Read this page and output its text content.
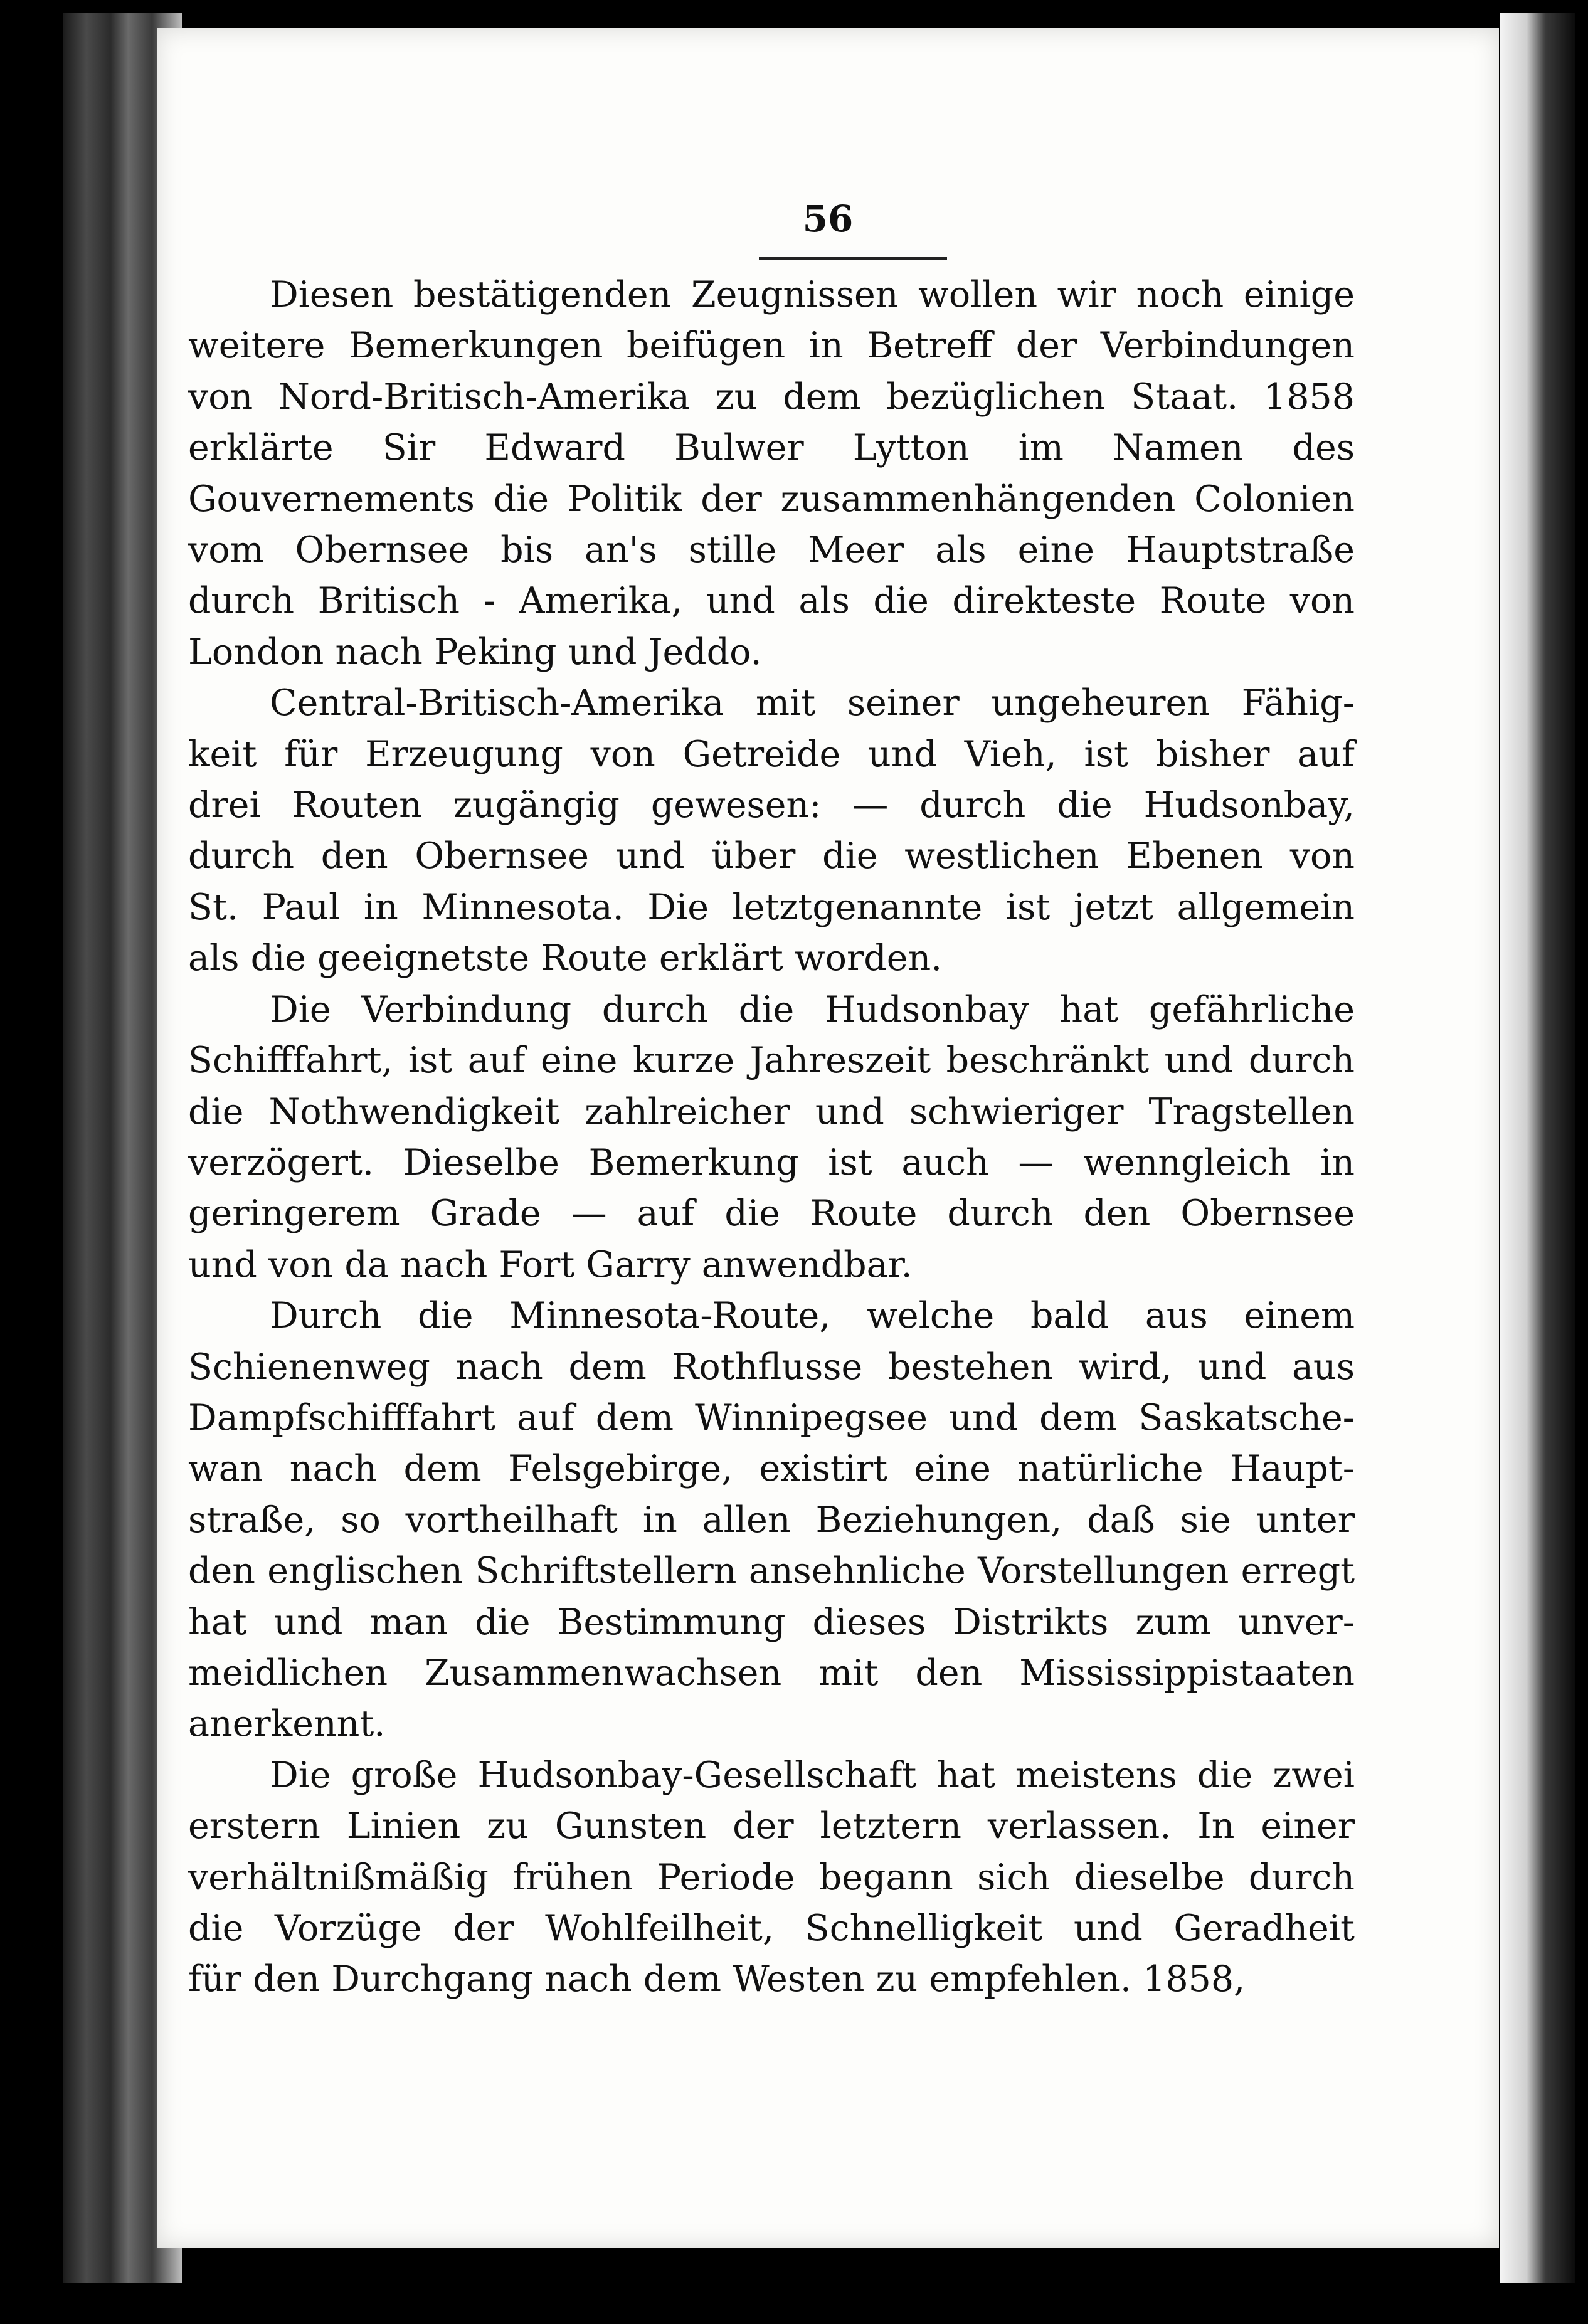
56
Diesen bestätigenden Zeugnissen wollen wir noch einige
weitere Bemerkungen beifügen in Betreff der Verbindungen
von Nord-Britisch-Amerika zu dem bezüglichen Staat. 1858
erklärte Sir Edward Bulwer Lytton im Namen des
Gouvernements die Politik der zusammenhängenden Colonien
vom Obernsee bis an's stille Meer als eine Hauptstraße
durch Britisch - Amerika, und als die direkteste Route von
London nach Peking und Jeddo.
Central-Britisch-Amerika mit seiner ungeheuren Fähig-
keit für Erzeugung von Getreide und Vieh, ist bisher auf
drei Routen zugängig gewesen: — durch die Hudsonbay,
durch den Obernsee und über die westlichen Ebenen von
St. Paul in Minnesota. Die letztgenannte ist jetzt allgemein
als die geeignetste Route erklärt worden.
Die Verbindung durch die Hudsonbay hat gefährliche
Schifffahrt, ist auf eine kurze Jahreszeit beschränkt und durch
die Nothwendigkeit zahlreicher und schwieriger Tragstellen
verzögert. Dieselbe Bemerkung ist auch — wenngleich in
geringerem Grade — auf die Route durch den Obernsee
und von da nach Fort Garry anwendbar.
Durch die Minnesota-Route, welche bald aus einem
Schienenweg nach dem Rothflusse bestehen wird, und aus
Dampfschifffahrt auf dem Winnipegsee und dem Saskatsche-
wan nach dem Felsgebirge, existirt eine natürliche Haupt-
straße, so vortheilhaft in allen Beziehungen, daß sie unter
den englischen Schriftstellern ansehnliche Vorstellungen erregt
hat und man die Bestimmung dieses Distrikts zum unver-
meidlichen Zusammenwachsen mit den Mississippistaaten
anerkennt.
Die große Hudsonbay-Gesellschaft hat meistens die zwei
erstern Linien zu Gunsten der letztern verlassen. In einer
verhältnißmäßig frühen Periode begann sich dieselbe durch
die Vorzüge der Wohlfeilheit, Schnelligkeit und Geradheit
für den Durchgang nach dem Westen zu empfehlen. 1858,
